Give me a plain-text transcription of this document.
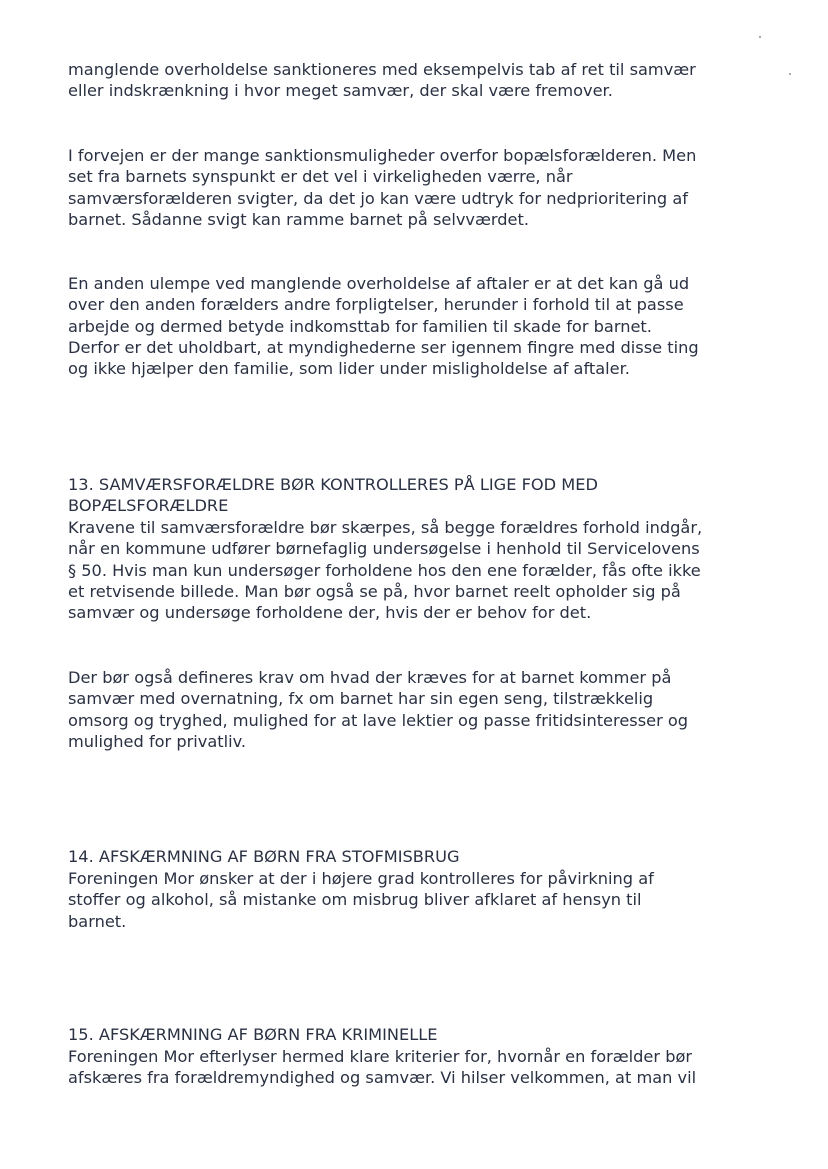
manglende overholdelse sanktioneres med eksempelvis tab af ret til samvær
eller indskrænkning i hvor meget samvær, der skal være fremover.
I forvejen er der mange sanktionsmuligheder overfor bopælsforælderen. Men
set fra barnets synspunkt er det vel i virkeligheden værre, når
samværsforælderen svigter, da det jo kan være udtryk for nedprioritering af
barnet. Sådanne svigt kan ramme barnet på selvværdet.
En anden ulempe ved manglende overholdelse af aftaler er at det kan gå ud
over den anden forælders andre forpligtelser, herunder i forhold til at passe
arbejde og dermed betyde indkomsttab for familien til skade for barnet.
Derfor er det uholdbart, at myndighederne ser igennem fingre med disse ting
og ikke hjælper den familie, som lider under misligholdelse af aftaler.
13. SAMVÆRSFORÆLDRE BØR KONTROLLERES PÅ LIGE FOD MED
BOPÆLSFORÆLDRE
Kravene til samværsforældre bør skærpes, så begge forældres forhold indgår,
når en kommune udfører børnefaglig undersøgelse i henhold til Servicelovens
§ 50. Hvis man kun undersøger forholdene hos den ene forælder, fås ofte ikke
et retvisende billede. Man bør også se på, hvor barnet reelt opholder sig på
samvær og undersøge forholdene der, hvis der er behov for det.
Der bør også defineres krav om hvad der kræves for at barnet kommer på
samvær med overnatning, fx om barnet har sin egen seng, tilstrækkelig
omsorg og tryghed, mulighed for at lave lektier og passe fritidsinteresser og
mulighed for privatliv.
14. AFSKÆRMNING AF BØRN FRA STOFMISBRUG
Foreningen Mor ønsker at der i højere grad kontrolleres for påvirkning af
stoffer og alkohol, så mistanke om misbrug bliver afklaret af hensyn til
barnet.
15. AFSKÆRMNING AF BØRN FRA KRIMINELLE
Foreningen Mor efterlyser hermed klare kriterier for, hvornår en forælder bør
afskæres fra forældremyndighed og samvær. Vi hilser velkommen, at man vil
